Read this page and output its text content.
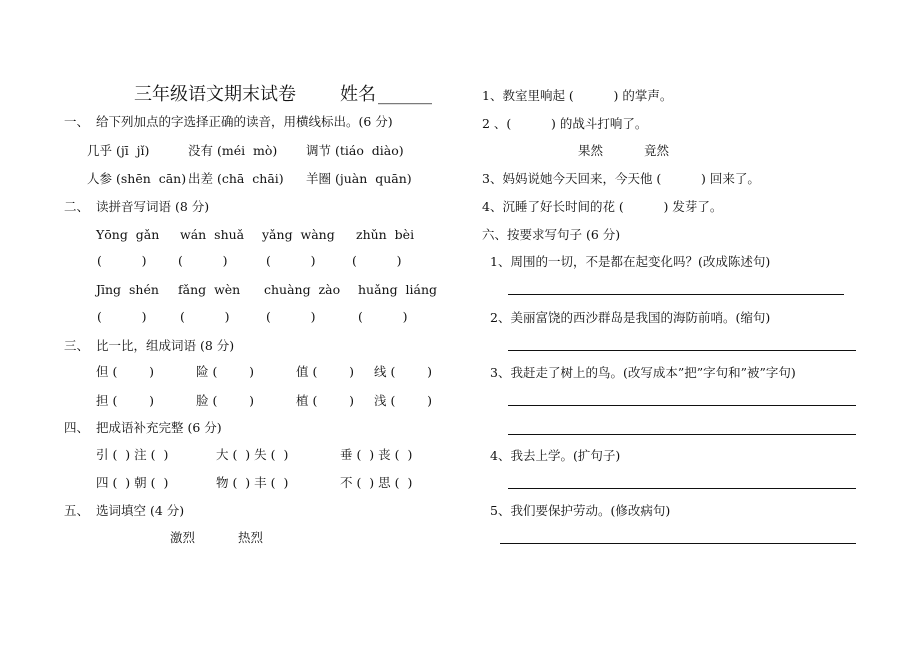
三年级语文期末试卷 姓名 ______
一、 给下列加点的字选择正确的读音，用横线标出。(6 分)
几乎 (jī  jǐ)	没有 (méi  mò) 调节 (tiáo  diào)
人参 (shēn  cān) 出差 (chā  chāi) 羊圈 (juàn  quān)
二、 读拼音写词语 (8 分)
Yōng  gǎn wán  shuǎ yǎng  wàng zhǔn  bèi
(          )	(          )	(          )	(          )
Jīng  shén fǎng  wèn chuàng  zào huǎng  liáng
(          )	(          )	(          )	(          )
三、 比一比，组成词语 (8 分)
但 (        )	险 (        )	值 (        ) 线 (        )
担 (        )	脸 (        )	植 (        ) 浅 (        )
四、 把成语补充完整 (6 分)
引 (  ) 注 (  )	大 (  ) 失 (  )	垂 (  ) 丧 (  )
四 (  ) 朝 (  )	物 (  ) 丰 (  )	不 (  ) 思 (  )
五、 选词填空 (4 分)
激烈	热烈
1、教室里响起 (          ) 的掌声。
2 、(          ) 的战斗打响了。
果然	竟然
3、妈妈说她今天回来，今天他 (          ) 回来了。
4、沉睡了好长时间的花 (          ) 发芽了。
六、按要求写句子 (6 分)
1、周围的一切，不是都在起变化吗？(改成陈述句)
2、美丽富饶的西沙群岛是我国的海防前哨。(缩句)
3、我赶走了树上的鸟。(改写成本”把”字句和”被”字句)
4、我去上学。(扩句子)
5、我们要保护劳动。(修改病句)
